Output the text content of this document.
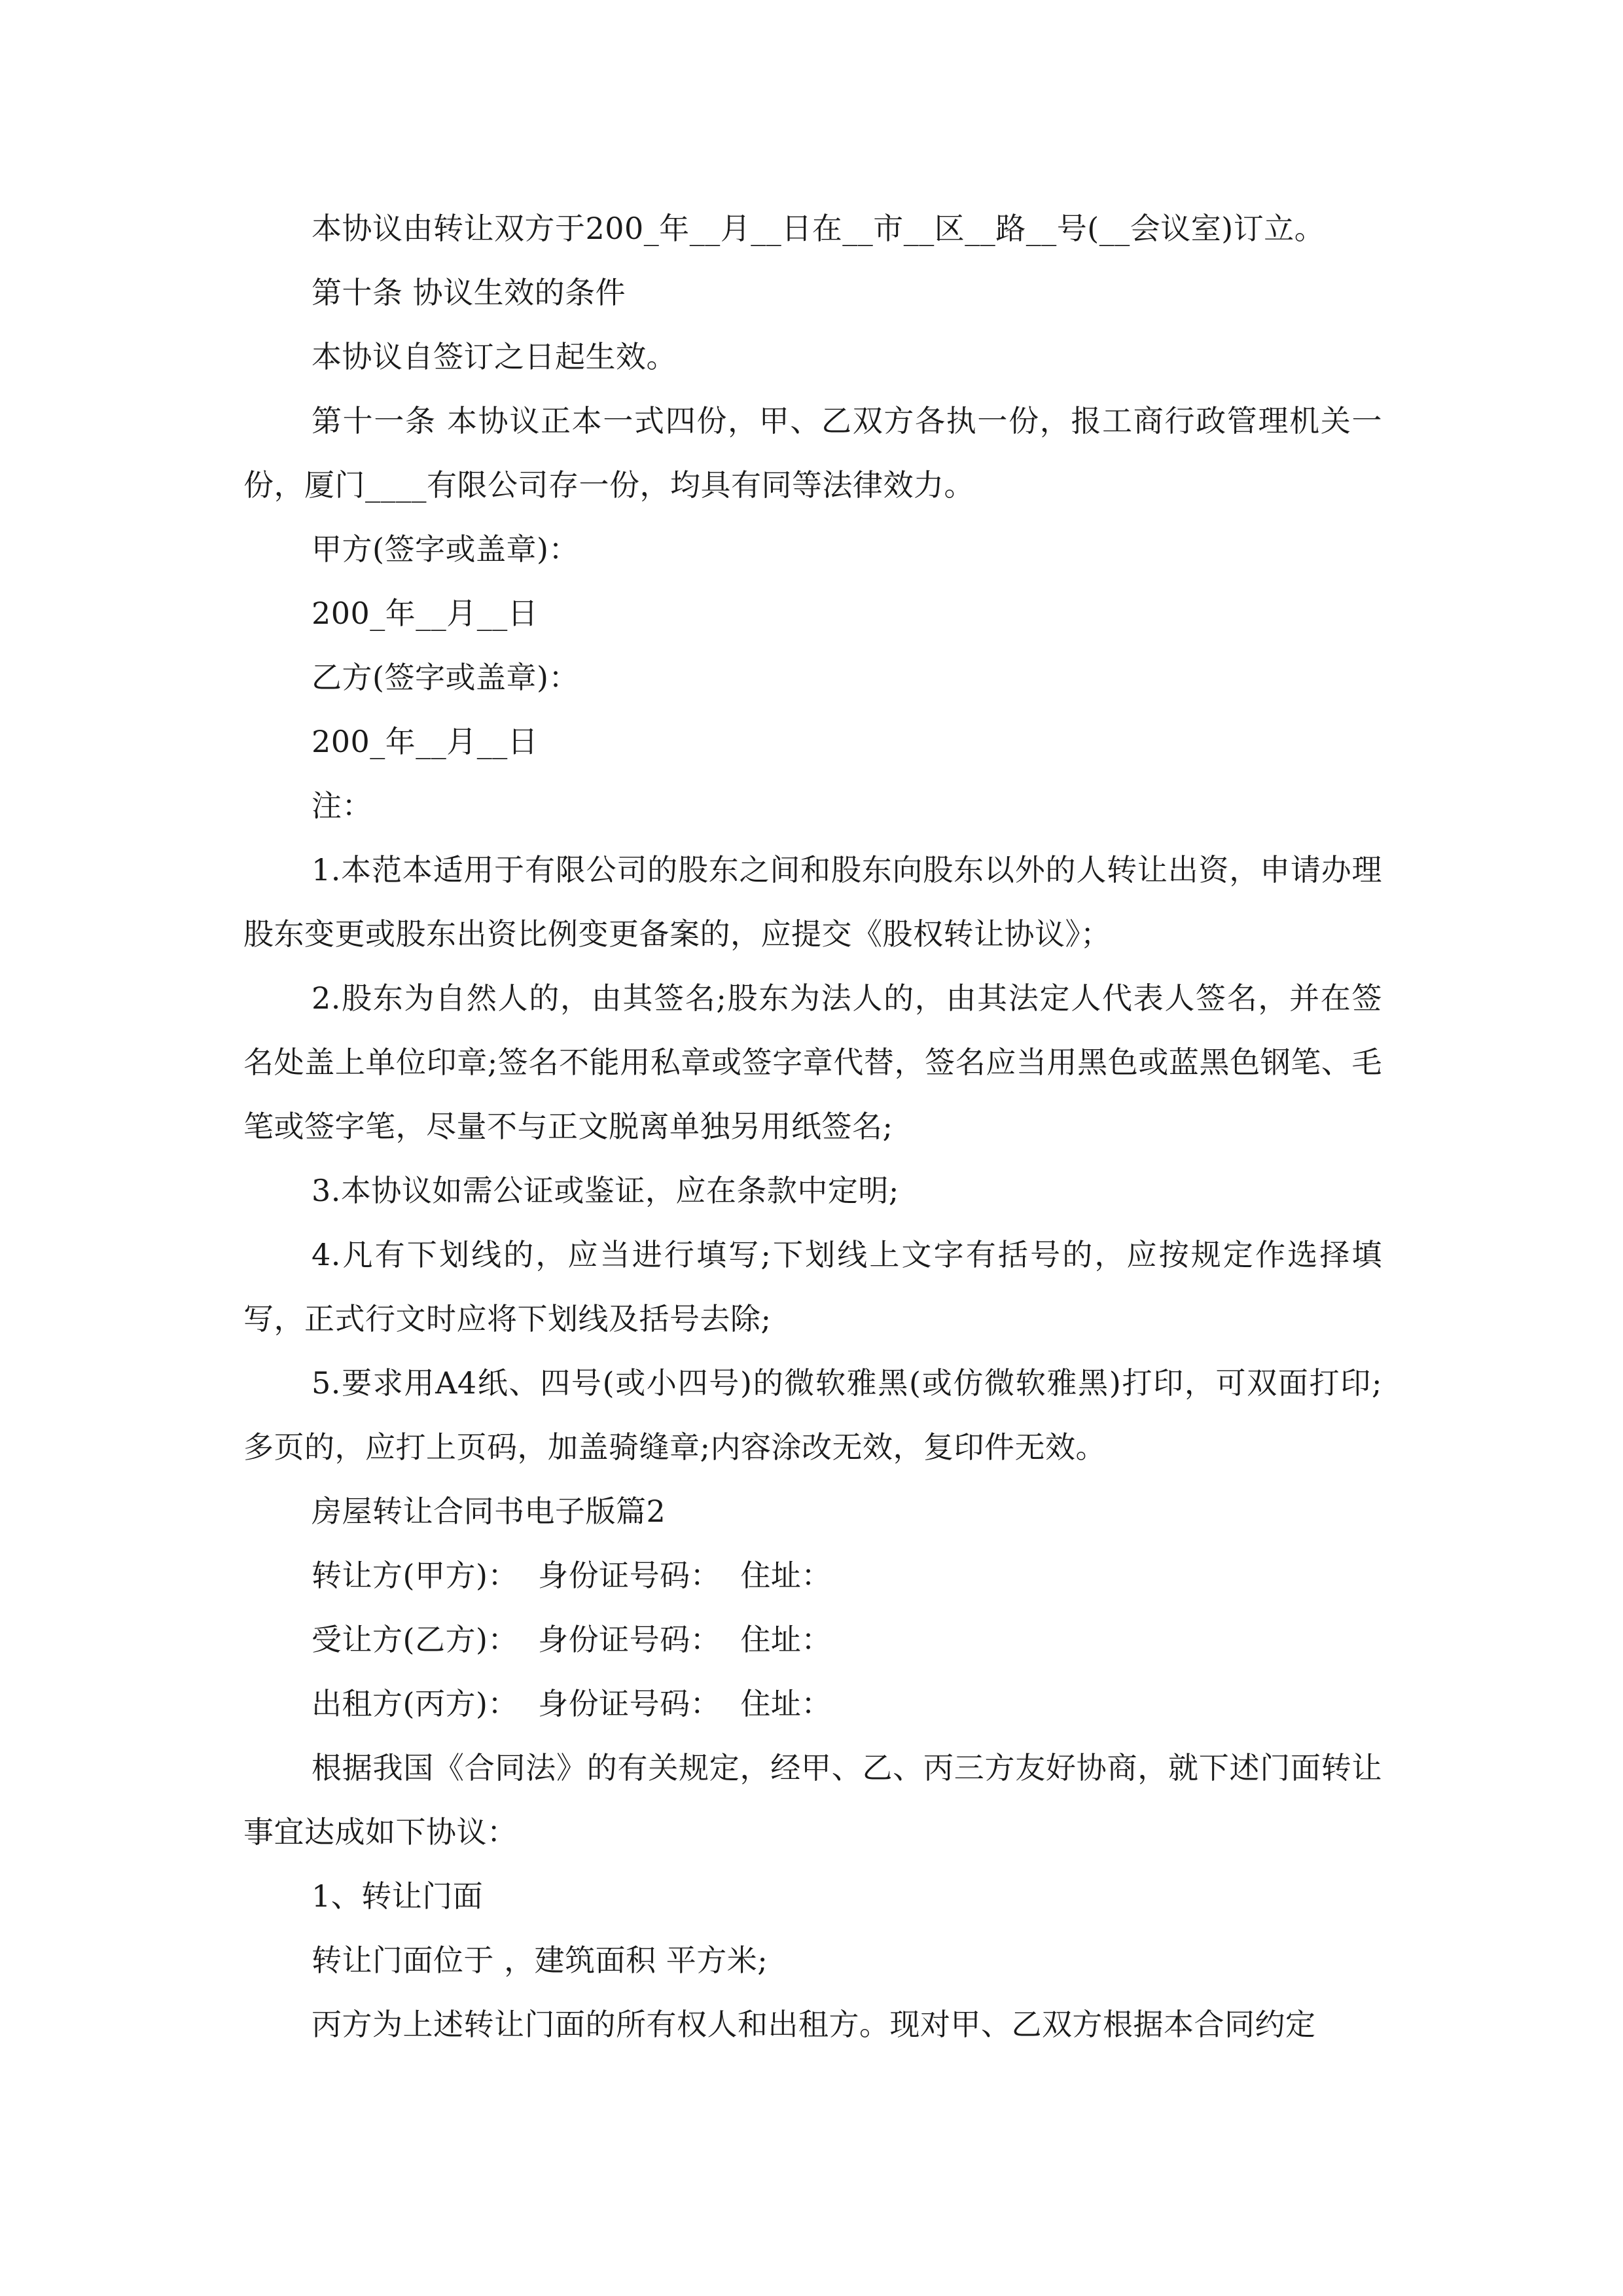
本协议由转让双方于200_年__月__日在__市__区__路__号(__会议室)订立。

第十条 协议生效的条件

本协议自签订之日起生效。

第十一条 本协议正本一式四份，甲、乙双方各执一份，报工商行政管理机关一份，厦门____有限公司存一份，均具有同等法律效力。

甲方(签字或盖章)：

200_年__月__日

乙方(签字或盖章)：

200_年__月__日

注：

1.本范本适用于有限公司的股东之间和股东向股东以外的人转让出资，申请办理股东变更或股东出资比例变更备案的，应提交《股权转让协议》；

2.股东为自然人的，由其签名;股东为法人的，由其法定人代表人签名，并在签名处盖上单位印章;签名不能用私章或签字章代替，签名应当用黑色或蓝黑色钢笔、毛笔或签字笔，尽量不与正文脱离单独另用纸签名;

3.本协议如需公证或鉴证，应在条款中定明;

4.凡有下划线的，应当进行填写;下划线上文字有括号的，应按规定作选择填写，正式行文时应将下划线及括号去除;

5.要求用A4纸、四号(或小四号)的微软雅黑(或仿微软雅黑)打印，可双面打印;多页的，应打上页码，加盖骑缝章;内容涂改无效，复印件无效。

房屋转让合同书电子版篇2

转让方(甲方)：  身份证号码：  住址：

受让方(乙方)：  身份证号码：  住址：

出租方(丙方)：  身份证号码：  住址：

根据我国《合同法》的有关规定，经甲、乙、丙三方友好协商，就下述门面转让事宜达成如下协议：

1、转让门面

转让门面位于 ，建筑面积 平方米;

丙方为上述转让门面的所有权人和出租方。现对甲、乙双方根据本合同约定
